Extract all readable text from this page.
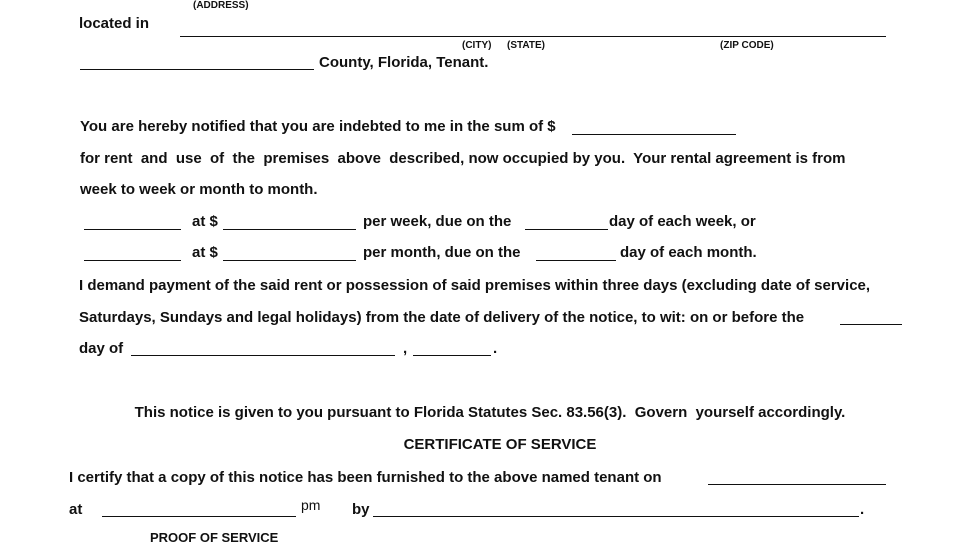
(ADDRESS)
located in
(CITY) (STATE)	(ZIP CODE)
County, Florida, Tenant.
You are hereby notified that you are indebted to me in the sum of $
for rent  and  use  of  the  premises  above  described, now occupied by you.  Your rental agreement is from
week to week or month to month.
at $	per week, due on the	day of each week, or
at $	per month, due on the	day of each month.
I demand payment of the said rent or possession of said premises within three days (excluding date of service,
Saturdays, Sundays and legal holidays) from the date of delivery of the notice, to wit: on or before the
day of	,	.
This notice is given to you pursuant to Florida Statutes Sec. 83.56(3).  Govern  yourself accordingly.
CERTIFICATE OF SERVICE
I certify that a copy of this notice has been furnished to the above named tenant on
at	pm by	.
PROOF OF SERVICE
